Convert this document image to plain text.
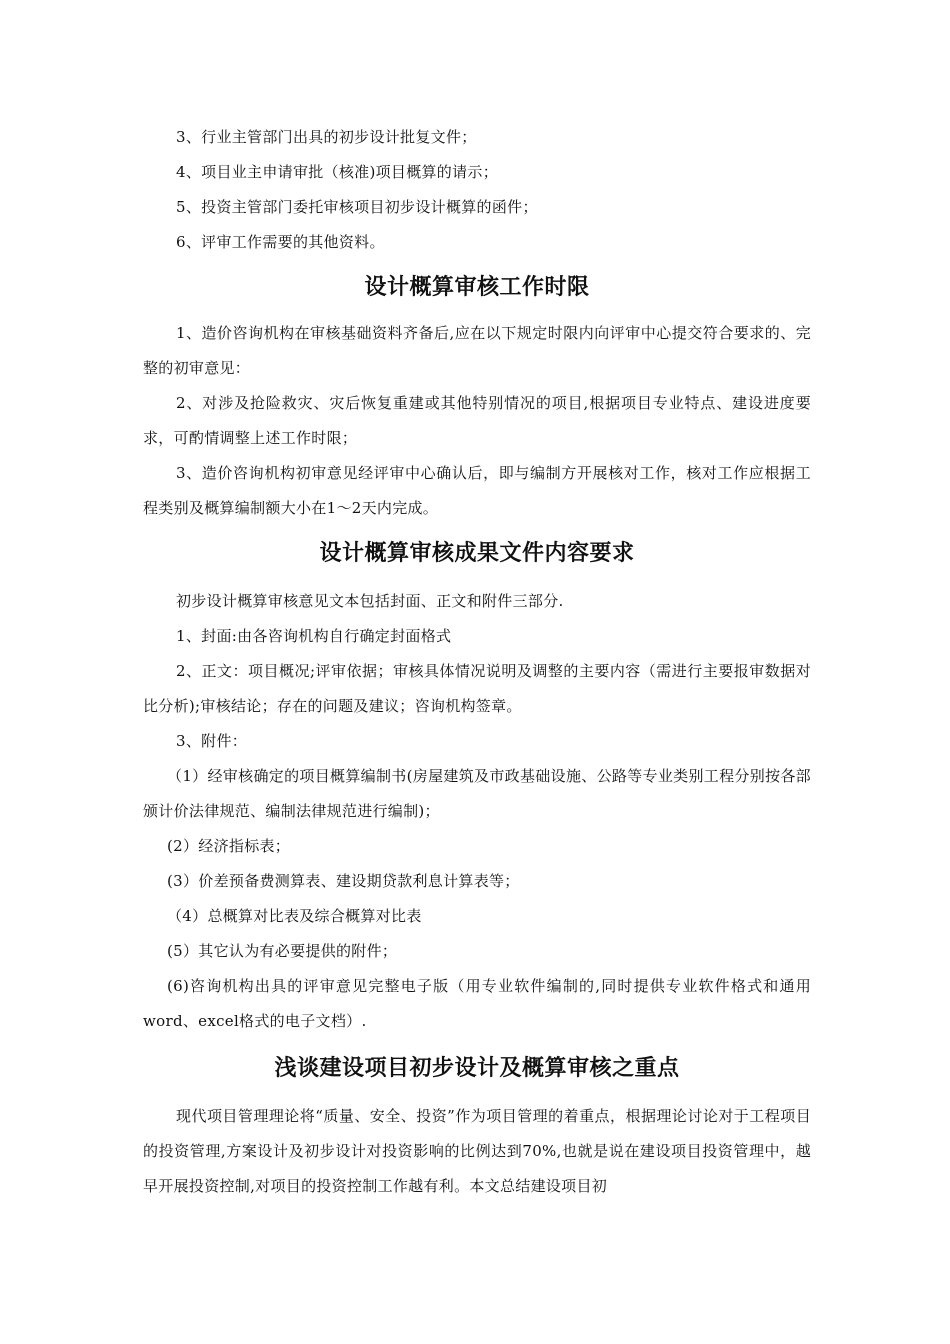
3、行业主管部门出具的初步设计批复文件；

4、项目业主申请审批（核准)项目概算的请示；

5、投资主管部门委托审核项目初步设计概算的函件；

6、评审工作需要的其他资料。

设计概算审核工作时限

1、造价咨询机构在审核基础资料齐备后,应在以下规定时限内向评审中心提交符合要求的、完整的初审意见：

2、对涉及抢险救灾、灾后恢复重建或其他特别情况的项目,根据项目专业特点、建设进度要求，可酌情调整上述工作时限；

3、造价咨询机构初审意见经评审中心确认后，即与编制方开展核对工作，核对工作应根据工程类别及概算编制额大小在1～2天内完成。

设计概算审核成果文件内容要求

初步设计概算审核意见文本包括封面、正文和附件三部分.

1、封面:由各咨询机构自行确定封面格式

2、正文：项目概况;评审依据；审核具体情况说明及调整的主要内容（需进行主要报审数据对比分析);审核结论；存在的问题及建议；咨询机构签章。

3、附件：

（1）经审核确定的项目概算编制书(房屋建筑及市政基础设施、公路等专业类别工程分别按各部颁计价法律规范、编制法律规范进行编制)；

(2）经济指标表；

(3）价差预备费测算表、建设期贷款利息计算表等；

（4）总概算对比表及综合概算对比表

(5）其它认为有必要提供的附件；

(6)咨询机构出具的评审意见完整电子版（用专业软件编制的,同时提供专业软件格式和通用word、excel格式的电子文档）.

浅谈建设项目初步设计及概算审核之重点

现代项目管理理论将“质量、安全、投资”作为项目管理的着重点，根据理论讨论对于工程项目的投资管理,方案设计及初步设计对投资影响的比例达到70%,也就是说在建设项目投资管理中，越早开展投资控制,对项目的投资控制工作越有利。本文总结建设项目初
